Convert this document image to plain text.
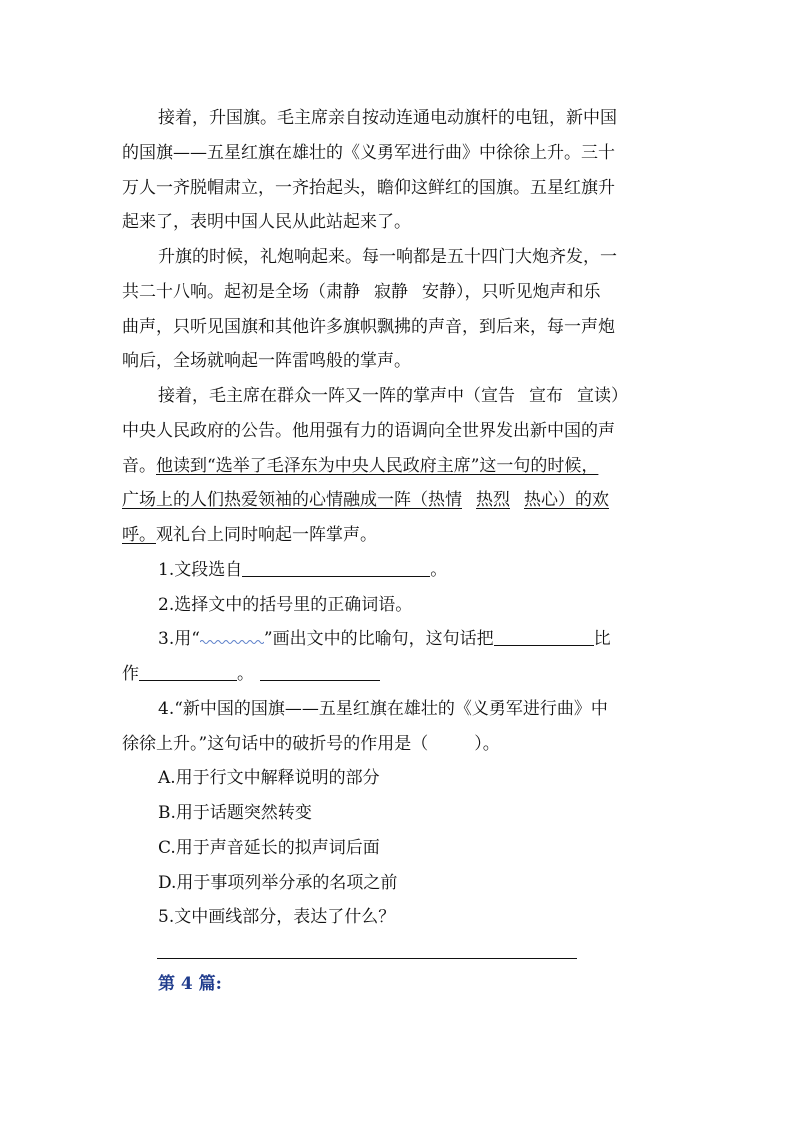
接着，升国旗。毛主席亲自按动连通电动旗杆的电钮，新中国
的国旗——五星红旗在雄壮的《义勇军进行曲》中徐徐上升。三十
万人一齐脱帽肃立，一齐抬起头，瞻仰这鲜红的国旗。五星红旗升
起来了，表明中国人民从此站起来了。
升旗的时候，礼炮响起来。每一响都是五十四门大炮齐发，一
共二十八响。起初是全场（肃静 寂静 安静），只听见炮声和乐
曲声，只听见国旗和其他许多旗帜飘拂的声音，到后来，每一声炮
响后，全场就响起一阵雷鸣般的掌声。
接着，毛主席在群众一阵又一阵的掌声中（宣告 宣布 宣读）
中央人民政府的公告。他用强有力的语调向全世界发出新中国的声
音。他读到“选举了毛泽东为中央人民政府主席”这一句的时候，
广场上的人们热爱领袖的心情融成一阵（热情 热烈 热心）的欢
呼。观礼台上同时响起一阵掌声。
1.文段选自	。
2.选择文中的括号里的正确词语。
3.用“	”画出文中的比喻句，这句话把	比
作	。
4.“新中国的国旗——五星红旗在雄壮的《义勇军进行曲》中
徐徐上升。”这句话中的破折号的作用是（	）。
A.用于行文中解释说明的部分
B.用于话题突然转变
C.用于声音延长的拟声词后面
D.用于事项列举分承的名项之前
5.文中画线部分，表达了什么？
第 4 篇:
